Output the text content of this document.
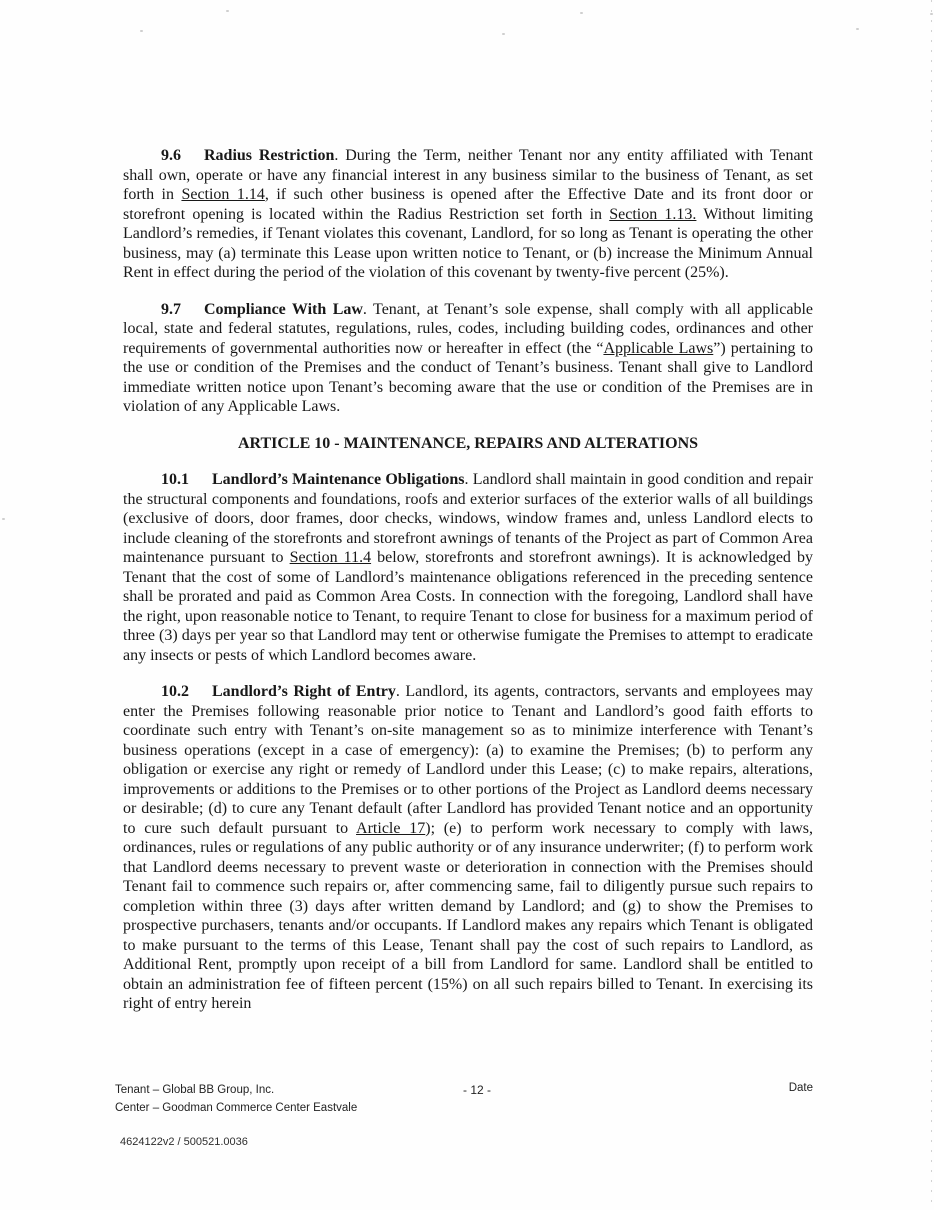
9.6 Radius Restriction. During the Term, neither Tenant nor any entity affiliated with Tenant shall own, operate or have any financial interest in any business similar to the business of Tenant, as set forth in Section 1.14, if such other business is opened after the Effective Date and its front door or storefront opening is located within the Radius Restriction set forth in Section 1.13. Without limiting Landlord’s remedies, if Tenant violates this covenant, Landlord, for so long as Tenant is operating the other business, may (a) terminate this Lease upon written notice to Tenant, or (b) increase the Minimum Annual Rent in effect during the period of the violation of this covenant by twenty-five percent (25%).

9.7 Compliance With Law. Tenant, at Tenant’s sole expense, shall comply with all applicable local, state and federal statutes, regulations, rules, codes, including building codes, ordinances and other requirements of governmental authorities now or hereafter in effect (the “Applicable Laws”) pertaining to the use or condition of the Premises and the conduct of Tenant’s business. Tenant shall give to Landlord immediate written notice upon Tenant’s becoming aware that the use or condition of the Premises are in violation of any Applicable Laws.

ARTICLE 10 - MAINTENANCE, REPAIRS AND ALTERATIONS

10.1 Landlord’s Maintenance Obligations. Landlord shall maintain in good condition and repair the structural components and foundations, roofs and exterior surfaces of the exterior walls of all buildings (exclusive of doors, door frames, door checks, windows, window frames and, unless Landlord elects to include cleaning of the storefronts and storefront awnings of tenants of the Project as part of Common Area maintenance pursuant to Section 11.4 below, storefronts and storefront awnings). It is acknowledged by Tenant that the cost of some of Landlord’s maintenance obligations referenced in the preceding sentence shall be prorated and paid as Common Area Costs. In connection with the foregoing, Landlord shall have the right, upon reasonable notice to Tenant, to require Tenant to close for business for a maximum period of three (3) days per year so that Landlord may tent or otherwise fumigate the Premises to attempt to eradicate any insects or pests of which Landlord becomes aware.

10.2 Landlord’s Right of Entry. Landlord, its agents, contractors, servants and employees may enter the Premises following reasonable prior notice to Tenant and Landlord’s good faith efforts to coordinate such entry with Tenant’s on-site management so as to minimize interference with Tenant’s business operations (except in a case of emergency): (a) to examine the Premises; (b) to perform any obligation or exercise any right or remedy of Landlord under this Lease; (c) to make repairs, alterations, improvements or additions to the Premises or to other portions of the Project as Landlord deems necessary or desirable; (d) to cure any Tenant default (after Landlord has provided Tenant notice and an opportunity to cure such default pursuant to Article 17); (e) to perform work necessary to comply with laws, ordinances, rules or regulations of any public authority or of any insurance underwriter; (f) to perform work that Landlord deems necessary to prevent waste or deterioration in connection with the Premises should Tenant fail to commence such repairs or, after commencing same, fail to diligently pursue such repairs to completion within three (3) days after written demand by Landlord; and (g) to show the Premises to prospective purchasers, tenants and/or occupants. If Landlord makes any repairs which Tenant is obligated to make pursuant to the terms of this Lease, Tenant shall pay the cost of such repairs to Landlord, as Additional Rent, promptly upon receipt of a bill from Landlord for same. Landlord shall be entitled to obtain an administration fee of fifteen percent (15%) on all such repairs billed to Tenant. In exercising its right of entry herein

Tenant – Global BB Group, Inc.
Center – Goodman Commerce Center Eastvale
- 12 -	Date
4624122v2 / 500521.0036
